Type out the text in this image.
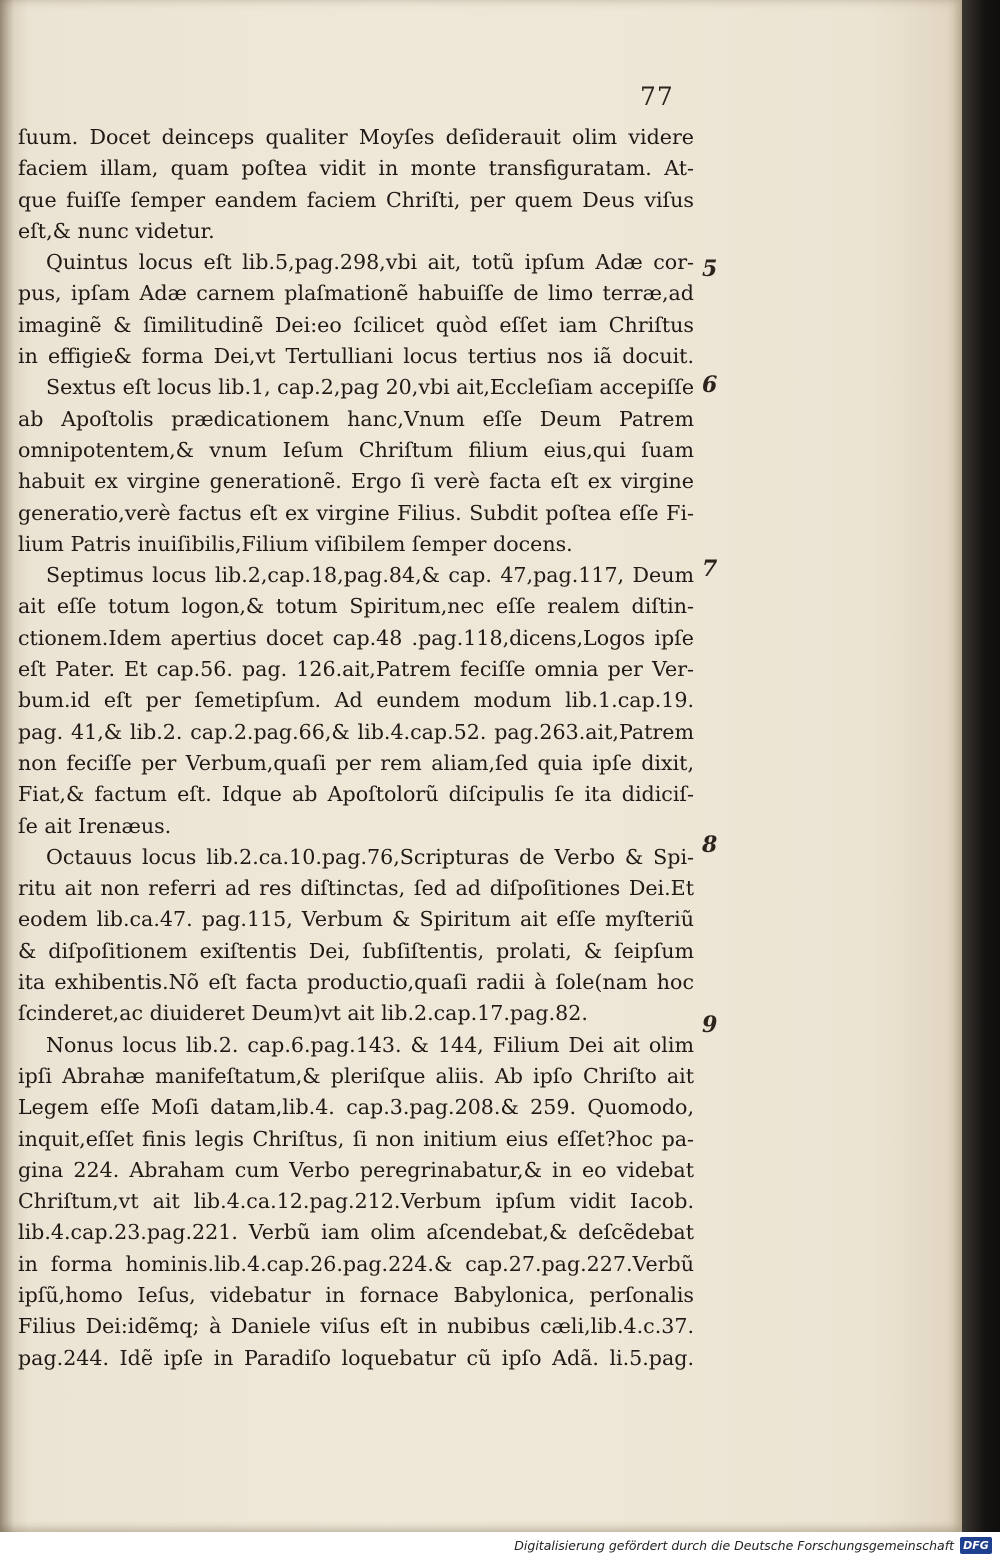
77
ſuum. Docet deinceps qualiter Moyſes deſiderauit olim videre
faciem illam, quam poſtea vidit in monte transfiguratam. At-
que fuiſſe ſemper eandem faciem Chriſti, per quem Deus viſus
eſt,& nunc videtur.
Quintus locus eſt lib.5,pag.298,vbi ait, totũ ipſum Adæ cor-
pus, ipſam Adæ carnem plaſmationẽ habuiſſe de limo terræ,ad
imaginẽ & ſimilitudinẽ Dei:eo ſcilicet quòd eſſet iam Chriſtus
in effigie& forma Dei,vt Tertulliani locus tertius nos iã docuit.
Sextus eſt locus lib.1, cap.2,pag 20,vbi ait,Eccleſiam accepiſſe
ab Apoſtolis prædicationem hanc,Vnum eſſe Deum Patrem
omnipotentem,& vnum Ieſum Chriſtum filium eius,qui ſuam
habuit ex virgine generationẽ. Ergo ſi verè facta eſt ex virgine
generatio,verè factus eſt ex virgine Filius. Subdit poſtea eſſe Fi-
lium Patris inuiſibilis,Filium viſibilem ſemper docens.
Septimus locus lib.2,cap.18,pag.84,& cap. 47,pag.117, Deum
ait eſſe totum logon,& totum Spiritum,nec eſſe realem diſtin-
ctionem.Idem apertius docet cap.48 .pag.118,dicens,Logos ipſe
eſt Pater. Et cap.56. pag. 126.ait,Patrem feciſſe omnia per Ver-
bum.id eſt per ſemetipſum. Ad eundem modum lib.1.cap.19.
pag. 41,& lib.2. cap.2.pag.66,& lib.4.cap.52. pag.263.ait,Patrem
non feciſſe per Verbum,quaſi per rem aliam,ſed quia ipſe dixit,
Fiat,& factum eſt. Idque ab Apoſtolorũ diſcipulis ſe ita didiciſ-
ſe ait Irenæus.
Octauus locus lib.2.ca.10.pag.76,Scripturas de Verbo & Spi-
ritu ait non referri ad res diſtinctas, ſed ad diſpoſitiones Dei.Et
eodem lib.ca.47. pag.115, Verbum & Spiritum ait eſſe myſteriũ
& diſpoſitionem exiſtentis Dei, ſubſiſtentis, prolati, & ſeipſum
ita exhibentis.Nõ eſt facta productio,quaſi radii à ſole(nam hoc
ſcinderet,ac diuideret Deum)vt ait lib.2.cap.17.pag.82.
Nonus locus lib.2. cap.6.pag.143. & 144, Filium Dei ait olim
ipſi Abrahæ manifeſtatum,& pleriſque aliis. Ab ipſo Chriſto ait
Legem eſſe Moſi datam,lib.4. cap.3.pag.208.& 259. Quomodo,
inquit,eſſet finis legis Chriſtus, ſi non initium eius eſſet?hoc pa-
gina 224. Abraham cum Verbo peregrinabatur,& in eo videbat
Chriſtum,vt ait lib.4.ca.12.pag.212.Verbum ipſum vidit Iacob.
lib.4.cap.23.pag.221. Verbũ iam olim aſcendebat,& deſcẽdebat
in forma hominis.lib.4.cap.26.pag.224.& cap.27.pag.227.Verbũ
ipſũ,homo Ieſus, videbatur in fornace Babylonica, perſonalis
Filius Dei:idẽmq; à Daniele viſus eſt in nubibus cæli,lib.4.c.37.
pag.244. Idẽ ipſe in Paradiſo loquebatur cũ ipſo Adã. li.5.pag.
5
6
7
8
9
Digitalisierung gefördert durch die Deutsche Forschungsgemeinschaft DFG
